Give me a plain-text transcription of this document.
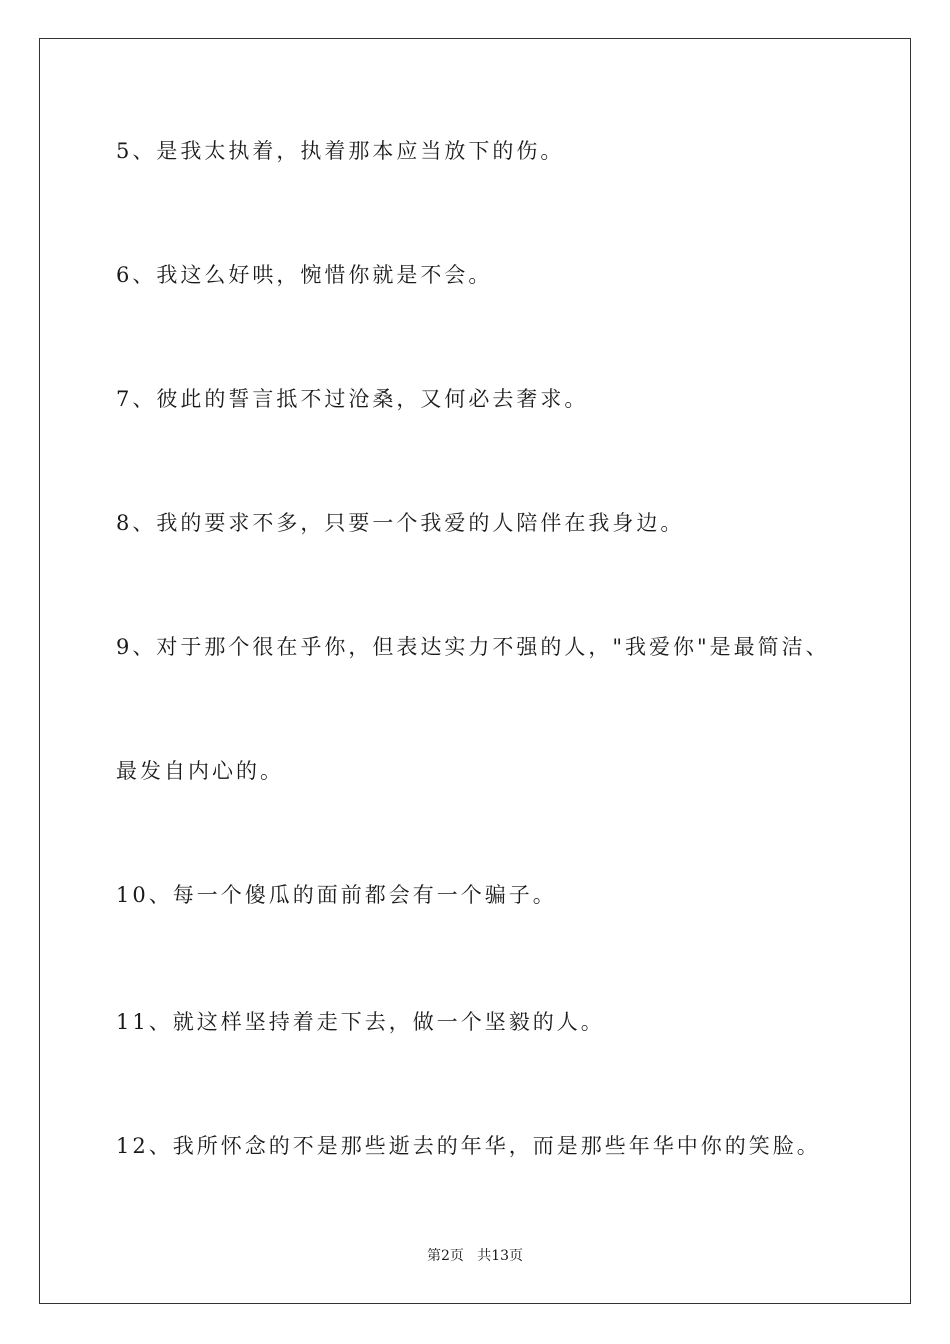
5、是我太执着，执着那本应当放下的伤。
6、我这么好哄，惋惜你就是不会。
7、彼此的誓言抵不过沧桑，又何必去奢求。
8、我的要求不多，只要一个我爱的人陪伴在我身边。
9、对于那个很在乎你，但表达实力不强的人，"我爱你"是最简洁、
最发自内心的。
10、每一个傻瓜的面前都会有一个骗子。
11、就这样坚持着走下去，做一个坚毅的人。
12、我所怀念的不是那些逝去的年华，而是那些年华中你的笑脸。
第2页   共13页
